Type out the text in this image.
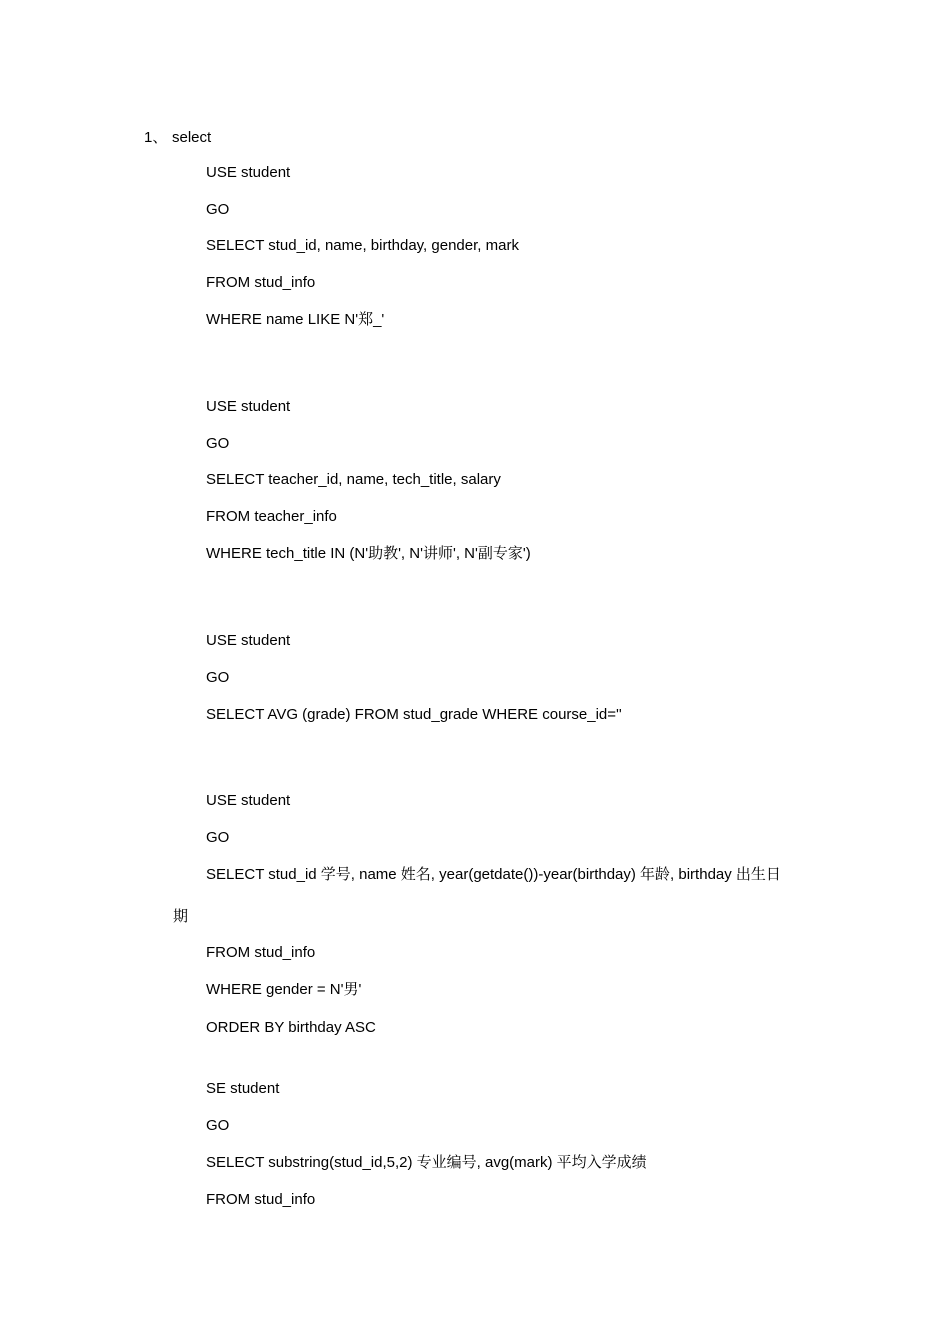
1、 select
USE student
GO
SELECT stud_id, name, birthday, gender, mark
FROM stud_info
WHERE name LIKE N'郑_'
USE student
GO
SELECT teacher_id, name, tech_title, salary
FROM teacher_info
WHERE tech_title IN (N'助教', N'讲师', N'副专家')
USE student
GO
SELECT AVG (grade) FROM stud_grade WHERE course_id=''
USE student
GO
SELECT stud_id 学号, name 姓名, year(getdate())-year(birthday) 年龄, birthday 出生日
期
FROM stud_info
WHERE gender = N'男'
ORDER BY birthday ASC
SE student
GO
SELECT substring(stud_id,5,2) 专业编号, avg(mark) 平均入学成绩
FROM stud_info
